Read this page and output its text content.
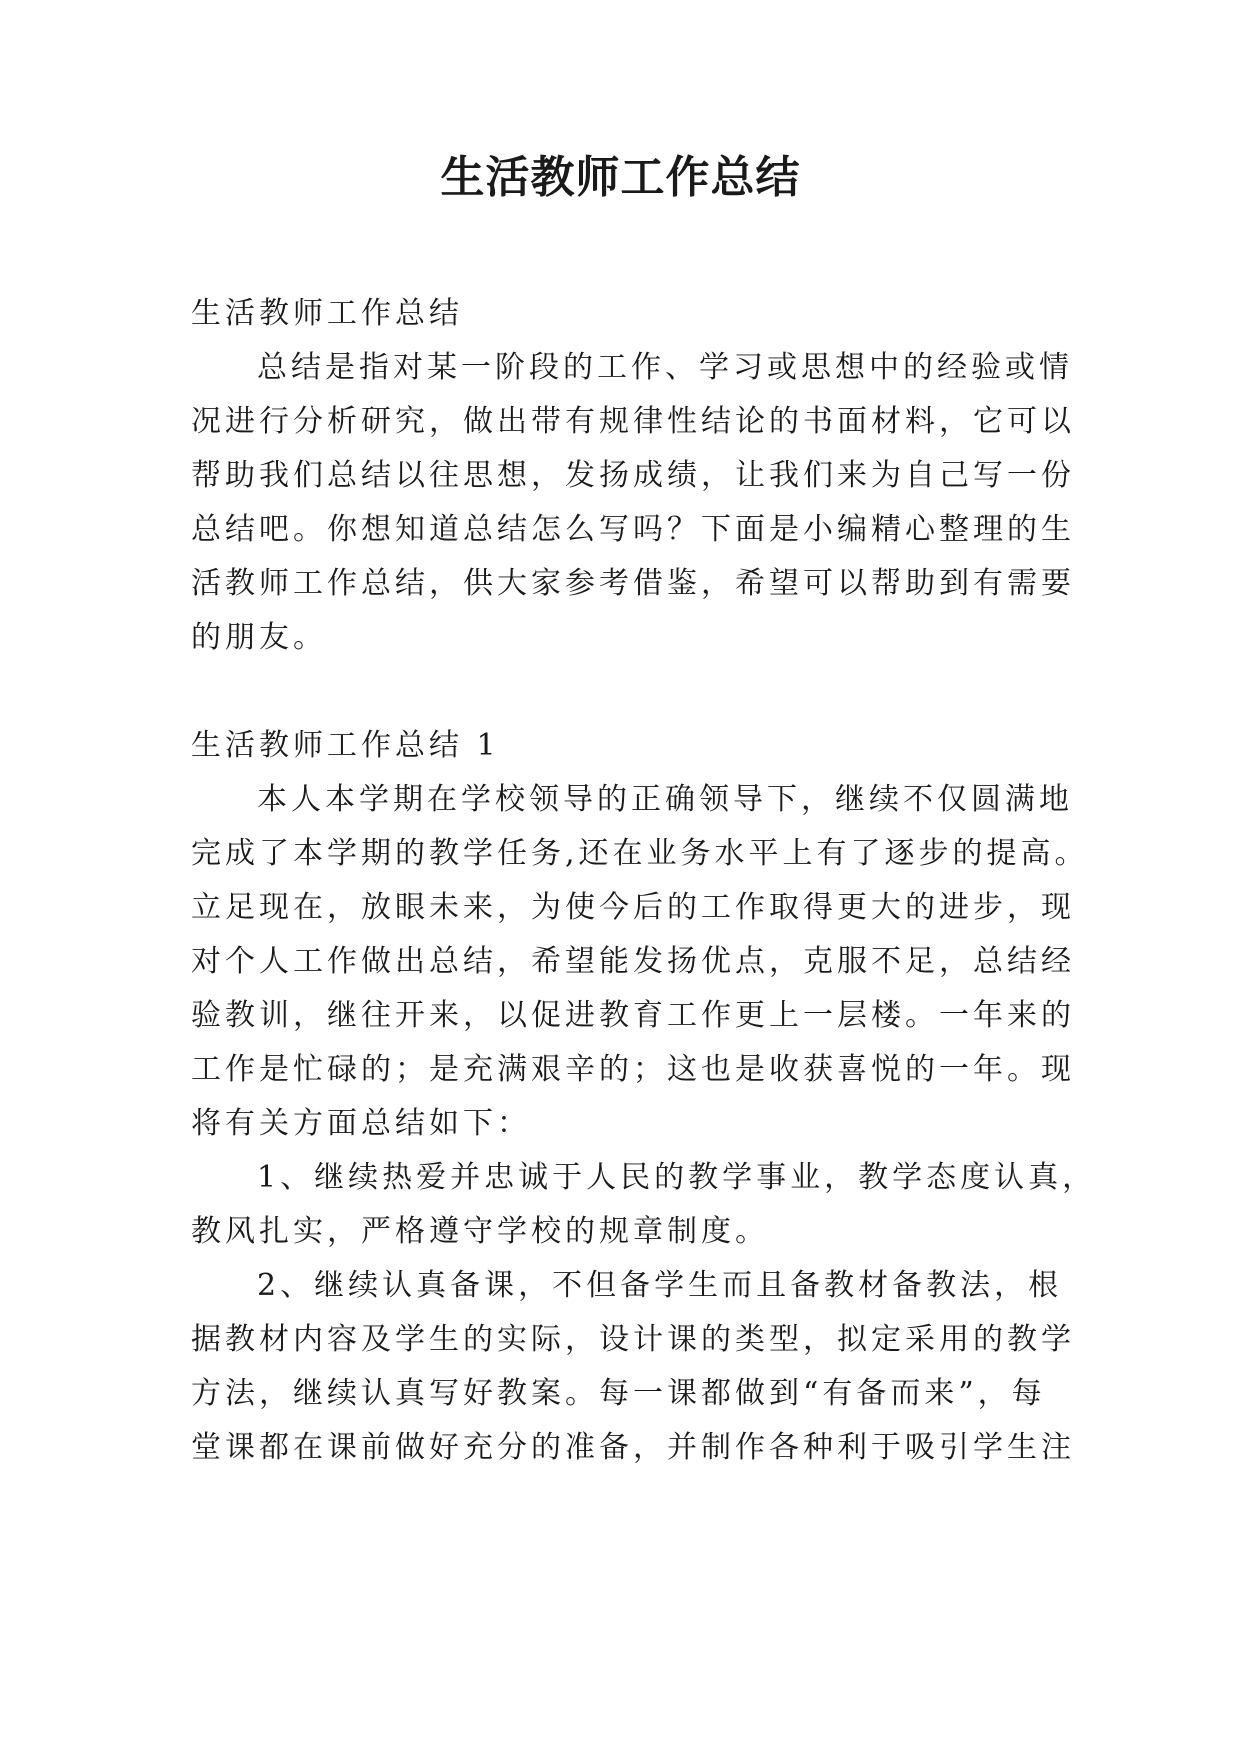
生活教师工作总结

生活教师工作总结

总结是指对某一阶段的工作、学习或思想中的经验或情

况进行分析研究，做出带有规律性结论的书面材料，它可以

帮助我们总结以往思想，发扬成绩，让我们来为自己写一份

总结吧。你想知道总结怎么写吗？下面是小编精心整理的生

活教师工作总结，供大家参考借鉴，希望可以帮助到有需要

的朋友。

生活教师工作总结 1

本人本学期在学校领导的正确领导下，继续不仅圆满地

完成了本学期的教学任务,还在业务水平上有了逐步的提高。

立足现在，放眼未来，为使今后的工作取得更大的进步，现

对个人工作做出总结，希望能发扬优点，克服不足，总结经

验教训，继往开来，以促进教育工作更上一层楼。一年来的

工作是忙碌的；是充满艰辛的；这也是收获喜悦的一年。现

将有关方面总结如下：

1、继续热爱并忠诚于人民的教学事业，教学态度认真，

教风扎实，严格遵守学校的规章制度。

2、继续认真备课，不但备学生而且备教材备教法，根

据教材内容及学生的实际，设计课的类型，拟定采用的教学

方法，继续认真写好教案。每一课都做到“有备而来”，每

堂课都在课前做好充分的准备，并制作各种利于吸引学生注
